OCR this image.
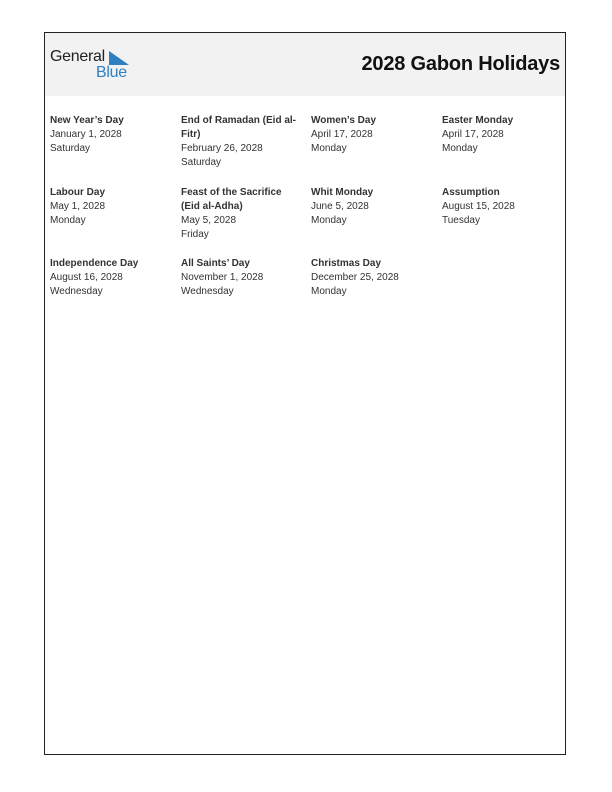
General
Blue	2028 Gabon Holidays
New Year’s Day
January 1, 2028
Saturday
End of Ramadan (Eid al-Fitr)
February 26, 2028
Saturday
Women’s Day
April 17, 2028
Monday
Easter Monday
April 17, 2028
Monday
Labour Day
May 1, 2028
Monday
Feast of the Sacrifice (Eid al-Adha)
May 5, 2028
Friday
Whit Monday
June 5, 2028
Monday
Assumption
August 15, 2028
Tuesday
Independence Day
August 16, 2028
Wednesday
All Saints’ Day
November 1, 2028
Wednesday
Christmas Day
December 25, 2028
Monday
